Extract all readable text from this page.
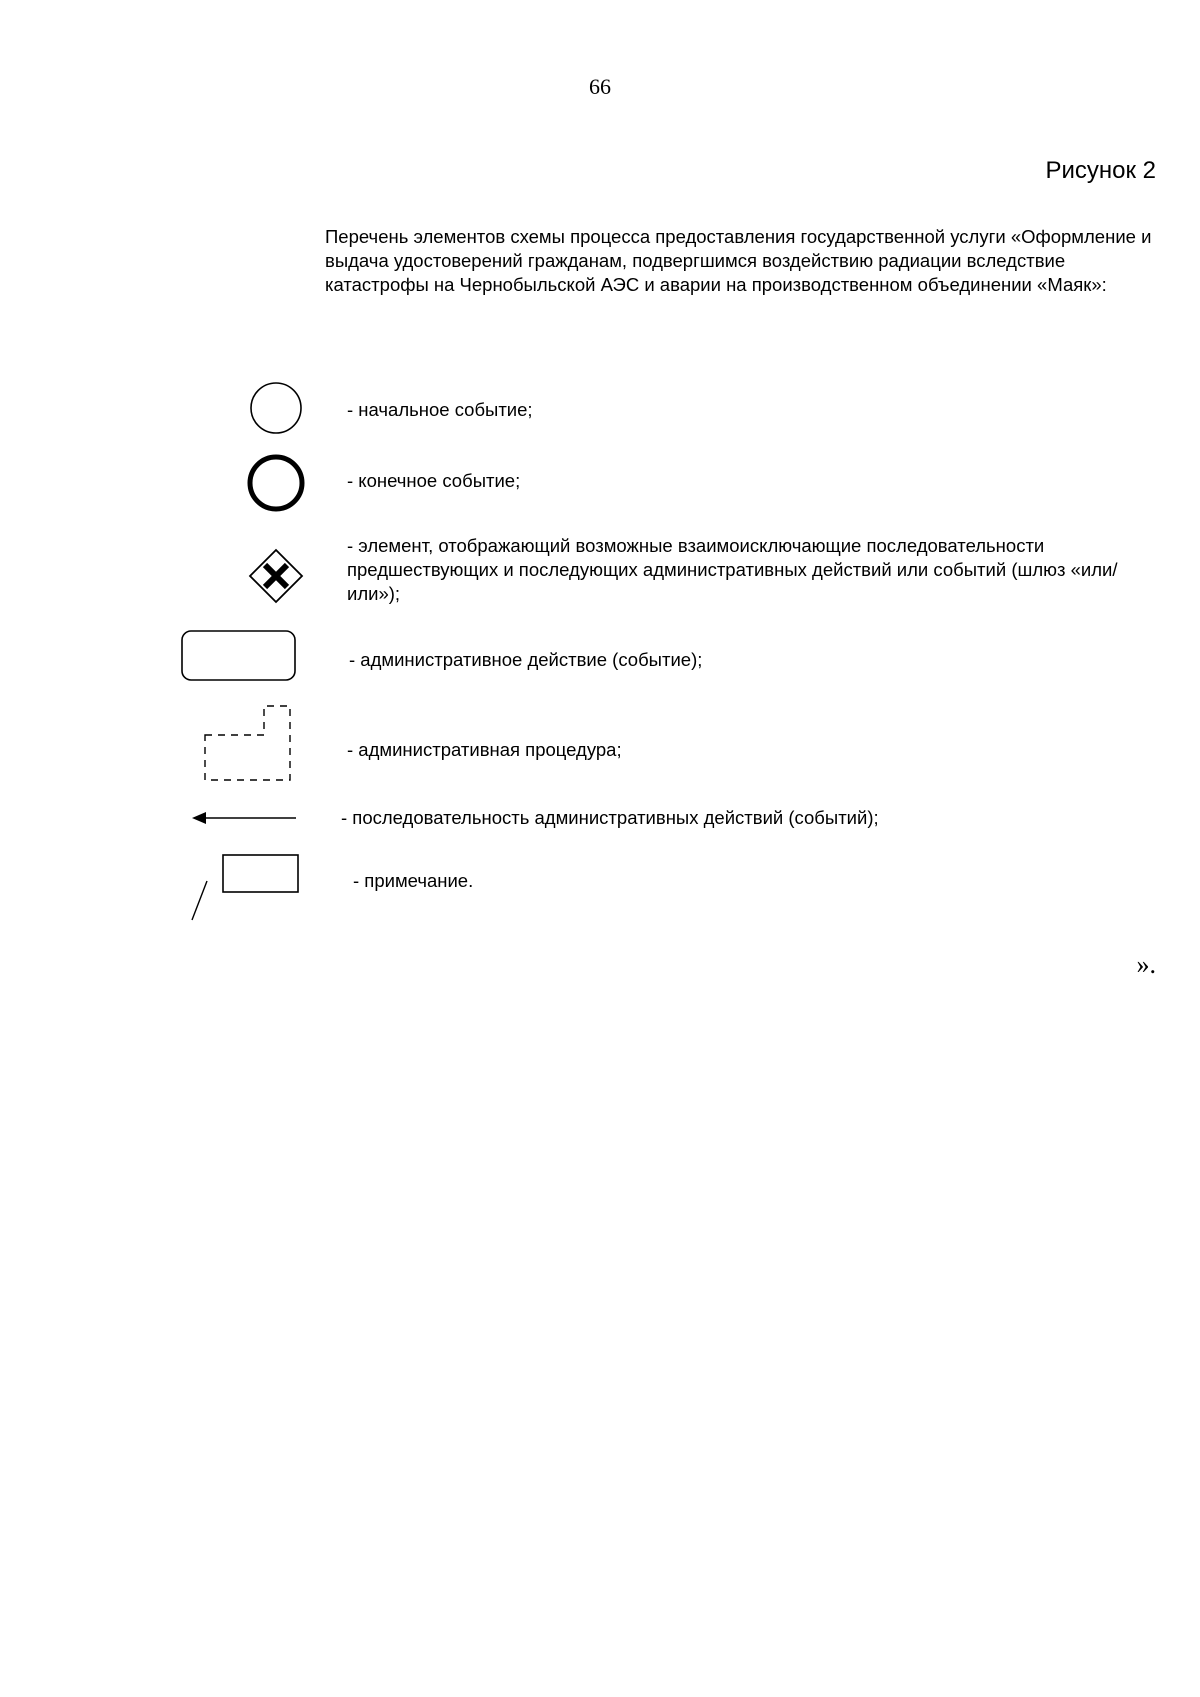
66
Рисунок 2

Перечень элементов схемы процесса предоставления государственной услуги «Оформление и выдача удостоверений гражданам, подвергшимся воздействию радиации вследствие катастрофы на Чернобыльской АЭС и аварии на производственном объединении «Маяк»:

- начальное событие;
- конечное событие;
- элемент, отображающий возможные взаимоисключающие последовательности предшествующих и последующих административных действий или событий (шлюз «или/или»);
- административное действие (событие);
- административная процедура;
- последовательность административных действий (событий);
- примечание.
».
